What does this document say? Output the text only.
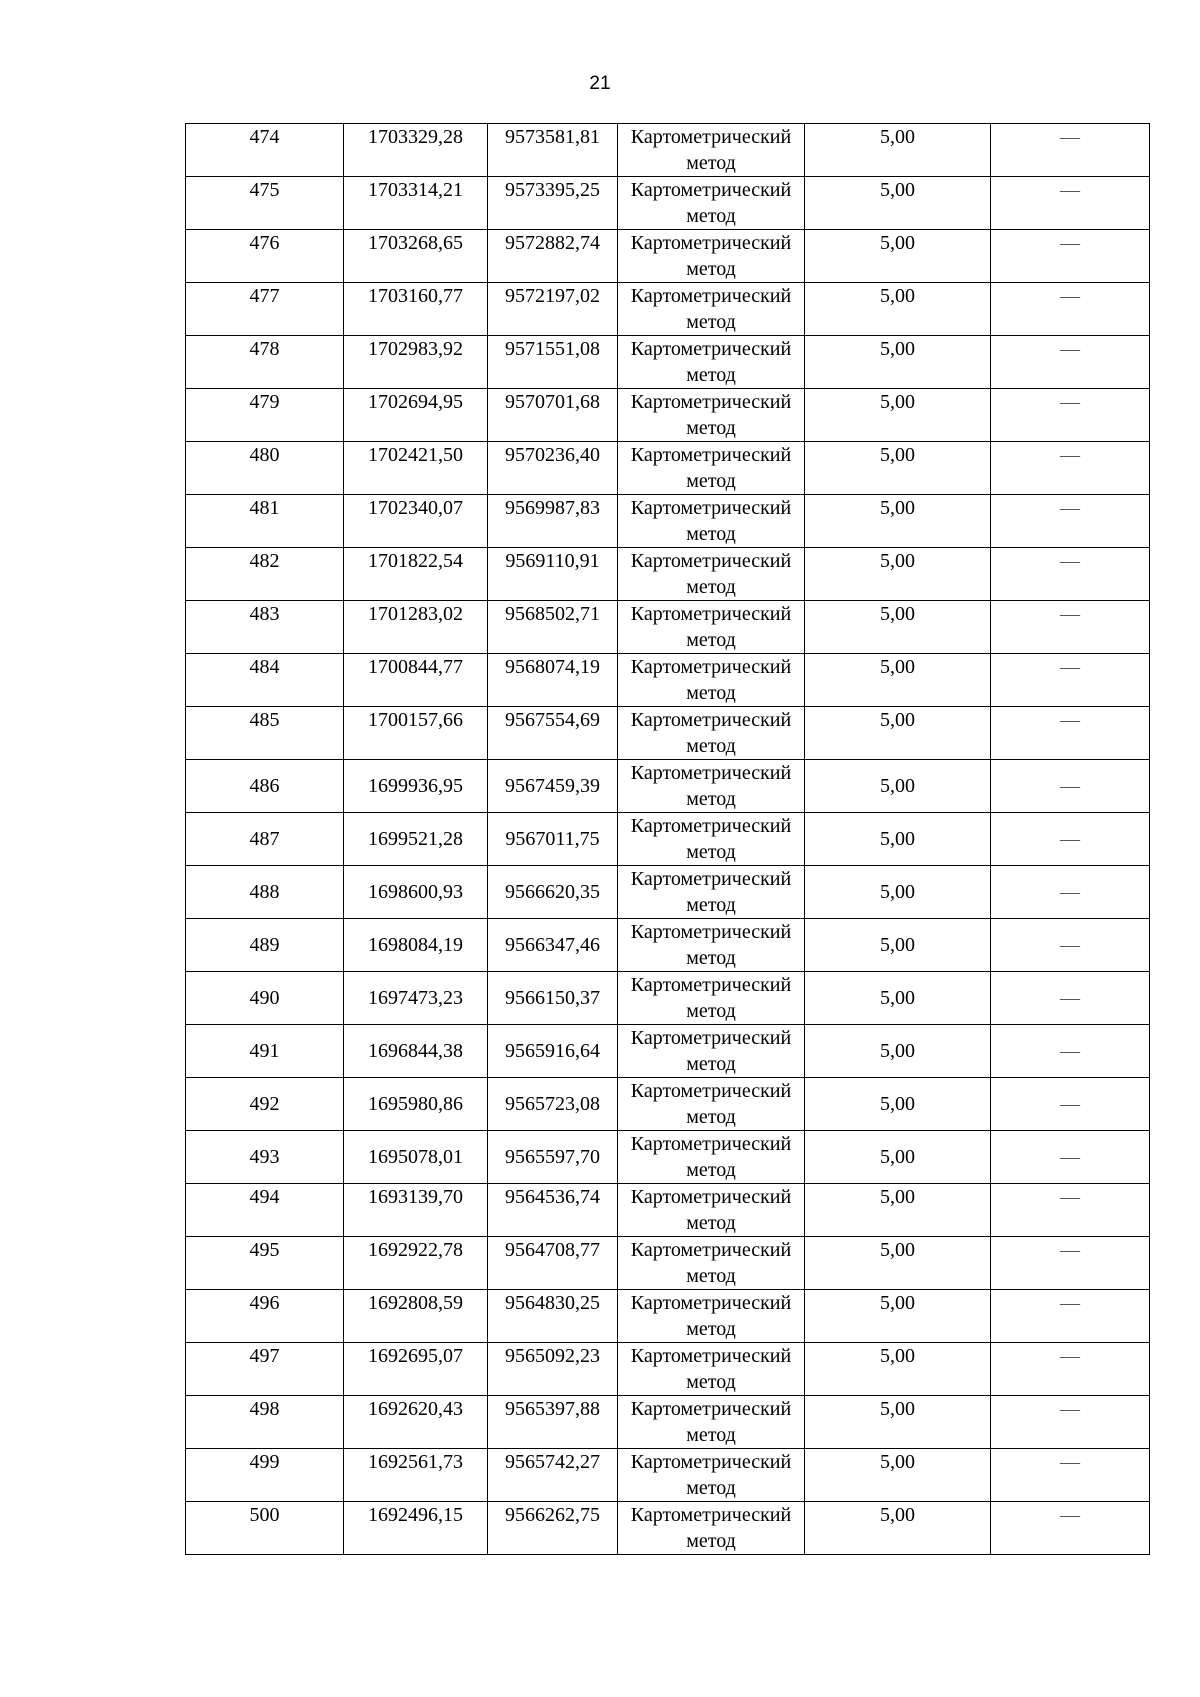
21
474	1703329,28	9573581,81	Картометрический
метод	5,00	—
475	1703314,21	9573395,25	Картометрический
метод	5,00	—
476	1703268,65	9572882,74	Картометрический
метод	5,00	—
477	1703160,77	9572197,02	Картометрический
метод	5,00	—
478	1702983,92	9571551,08	Картометрический
метод	5,00	—
479	1702694,95	9570701,68	Картометрический
метод	5,00	—
480	1702421,50	9570236,40	Картометрический
метод	5,00	—
481	1702340,07	9569987,83	Картометрический
метод	5,00	—
482	1701822,54	9569110,91	Картометрический
метод	5,00	—
483	1701283,02	9568502,71	Картометрический
метод	5,00	—
484	1700844,77	9568074,19	Картометрический
метод	5,00	—
485	1700157,66	9567554,69	Картометрический
метод	5,00	—
486	1699936,95	9567459,39	Картометрический
метод	5,00	—
487	1699521,28	9567011,75	Картометрический
метод	5,00	—
488	1698600,93	9566620,35	Картометрический
метод	5,00	—
489	1698084,19	9566347,46	Картометрический
метод	5,00	—
490	1697473,23	9566150,37	Картометрический
метод	5,00	—
491	1696844,38	9565916,64	Картометрический
метод	5,00	—
492	1695980,86	9565723,08	Картометрический
метод	5,00	—
493	1695078,01	9565597,70	Картометрический
метод	5,00	—
494	1693139,70	9564536,74	Картометрический
метод	5,00	—
495	1692922,78	9564708,77	Картометрический
метод	5,00	—
496	1692808,59	9564830,25	Картометрический
метод	5,00	—
497	1692695,07	9565092,23	Картометрический
метод	5,00	—
498	1692620,43	9565397,88	Картометрический
метод	5,00	—
499	1692561,73	9565742,27	Картометрический
метод	5,00	—
500	1692496,15	9566262,75	Картометрический
метод	5,00	—
